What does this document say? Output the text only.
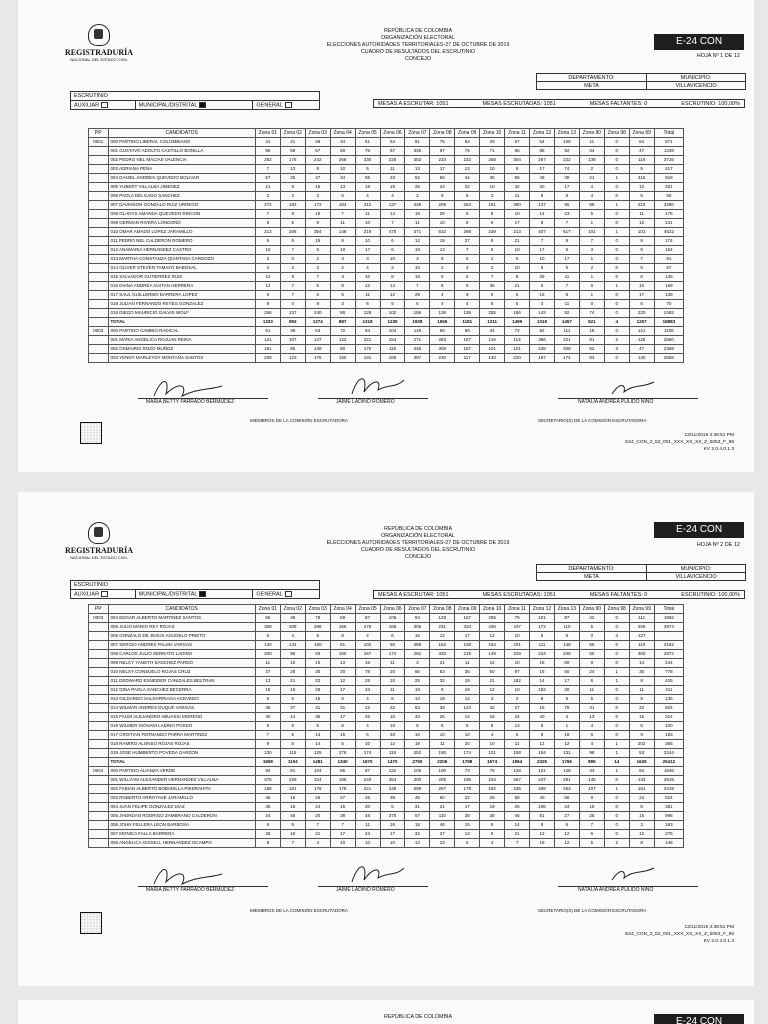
REGISTRADURÍA
NACIONAL DEL ESTADO CIVIL
REPÚBLICA DE COLOMBIA
ORGANIZACIÓN ELECTORAL
ELECCIONES AUTORIDADES TERRITORIALES-27 DE OCTUBRE DE 2019
CUADRO DE RESULTADOS DEL ESCRUTINIO
CONCEJO
E-24 CON
HOJA Nº 1 DE 12
DEPARTAMENTO:	MUNICIPIO:
META	VILLAVICENCIO
ESCRUTINIO
AUXILIAR	MUNICIPAL/DISTRITAL	GENERAL	MESAS A ESCRUTAR: 1051	MESAS ESCRUTADAS: 1051	MESAS FALTANTES: 0	ESCRUTINIO: 100,00%
PP	CANDIDATOS	Zona 01	Zona 02	Zona 03	Zona 04	Zona 05	Zona 06	Zona 07	Zona 08	Zona 09	Zona 10	Zona 11	Zona 12	Zona 13	Zona 90	Zona 98	Zona 99	Total
0001	000 PARTIDO LIBERAL COLOMBIANO	41	41	48	34	61	64	91	76	52	29	67	54	108	11	0	64	871
	001 GUSTAVO ADOLFO CASTILLO BONILLA	96	69	67	60	76	67	335	87	76	71	85	88	92	34	0	47	1348
	002 PEDRO NEL MACIAS VALENCIA	282	176	242	266	330	226	353	233	232	268	304	267	222	138	0	116	3716
	003 ADRIANA PEÑA	7	13	9	10	5	11	13	17	13	10	8	17	74	2	0	5	217
	004 DANIEL ANDRES QUEVEDO BOLIVAR	57	25	47	34	65	23	52	56	44	35	55	48	39	21	1	315	918
	005 YUBERT VILLALBA JIMENEZ	21	9	16	13	18	15	26	24	22	10	32	20	17	4	0	12	261
	006 PAOLA DELGADO SANCHEZ	2	3	3	5	4	4	2	9	6	3	11	8	9	4	0	6	80
	007 DAVINSON GONZALO RUIZ URREGO	272	182	172	184	312	137	336	209	263	161	390	137	95	99	1	223	3280
	008 GLADYS AMANDA QUEVEDO RINCON	7	8	10	7	11	14	19	20	9	8	10	14	23	5	0	11	176
	009 GERMAN RIVERA LONDOÑO	5	5	9	11	10	7	11	10	8	9	17	9	7	1	0	12	131
	010 OMAR AMADO LOPEZ JARAMILLO	213	206	354	148	219	475	371	532	288	239	213	407	617	101	1	101	4522
	011 PEDRO NEL CALDERON ROMERO	6	8	19	8	10	6	12	19	27	9	21	7	8	7	0	8	174
	012 ANAMARIA HERNANDEZ CASTRO	10	7	5	10	17	6	19	13	7	6	10	17	5	3	0	9	154
	013 MARTHA CONSTANZA QUINTANA CARDOZO	3	0	2	3	3	10	3	9	6	2	6	10	17	1	0	7	81
	014 OLIVER STEVEN TAMAYO BABOSAL	4	2	3	2	4	2	10	2	4	2	10	6	5	2	0	9	67
	015 SALVADOR GUTIERREZ RUIZ	12	8	7	3	10	6	19	6	6	7	8	29	11	1	0	6	135
	016 DIANA ANDREA GAITAN HERRERA	12	7	6	9	12	14	7	8	8	35	21	6	7	6	1	10	169
	017 SAUL GUILLERMO BARRERA LOPEZ	6	7	6	5	11	12	29	4	9	6	6	15	8	1	0	17	139
	018 JULIAN FERNANDO REYES GONZALEZ	9	4	8	3	6	5	6	4	4	5	5	3	11	0	0	6	70
	019 DIEGO MAURICIO GALVIS WOLF	266	137	240	88	128	102	156	136	136	255	186	143	92	74	0	220	2492
	TOTAL	1333	893	1274	887	1318	1235	1928	1556	1181	1211	1499	1319	1457	521	4	1257	18883
0003	000 PARTIDO CAMBIO RADICAL	61	36	53	72	64	104	119	66	66	44	72	82	111	18	0	121	1106
	001 MARIA ANGELICA ROJUAN REINA	121	107	137	122	221	154	271	283	187	119	113	366	221	91	2	125	2660
	002 OSMAIRIS ROZO MUÑOZ	181	85	149	80	170	119	345	308	167	101	101	236	208	62	3	47	2368
	003 YENNY MARLEYDY MONTAÑA SANTOS	208	123	176	150	191	169	397	230	117	140	220	197	174	83	0	130	2606
MARIA BETTY PARRADO BERMUDEZ	JAIME LADINO ROMERO	NATALIA ANDREA PULIDO NIÑO
MIEMBROS DE LA COMISIÓN ESCRUTADORA	SECRETARIO(S) DE LA COMISIÓN ESCRUTADORA
13/11/2019 4:38:51 PM
E24_CON_2_52_001_XXX_XX_XX_Z_5053_F_96
KV 2.0.4.0.1.3
REGISTRADURÍA
NACIONAL DEL ESTADO CIVIL
REPÚBLICA DE COLOMBIA
ORGANIZACIÓN ELECTORAL
ELECCIONES AUTORIDADES TERRITORIALES-27 DE OCTUBRE DE 2019
CUADRO DE RESULTADOS DEL ESCRUTINIO
CONCEJO
E-24 CON
HOJA Nº 2 DE 12
DEPARTAMENTO:	MUNICIPIO:
META	VILLAVICENCIO
ESCRUTINIO
AUXILIAR	MUNICIPAL/DISTRITAL	GENERAL	MESAS A ESCRUTAR: 1051	MESAS ESCRUTADAS: 1051	MESAS FALTANTES: 0	ESCRUTINIO: 100,00%
PP	CANDIDATOS	Zona 01	Zona 02	Zona 03	Zona 04	Zona 05	Zona 06	Zona 07	Zona 08	Zona 09	Zona 10	Zona 11	Zona 12	Zona 13	Zona 90	Zona 98	Zona 99	Total
0003	004 EDGAR ALBERTO MARTINEZ SANTOS	56	48	79	59	87	105	94	129	167	255	75	101	87	42	0	111	1592
	005 JULIO MARIO REY ROJAS	308	208	288	156	278	166	305	231	334	436	437	172	110	5	0	256	3974
	006 GONZALO DE JESUS AGUDELO PRIETO	6	4	8	8	2	6	16	12	17	13	10	5	6	0	4	127	
	007 SERGIO ANDRES PALMA VARGAS	140	144	160	81	102	90	388	162	108	154	201	111	148	66	0	110	2162
	008 CARLOS JULIO SERRATO LADINO	200	95	93	160	167	174	282	332	219	149	229	224	248	50	0	350	2972
	009 NELCY YANETH SANCHEZ PARDO	11	10	10	13	16	11	3	21	11	12	10	18	69	9	0	14	244
	010 NELSY CONSUELO ROJAS CRUZ	47	28	30	20	78	20	66	83	35	50	97	18	60	24	1	30	778
	011 GEDWARD ESNEIDER CANIZALES BELTRAN	13	21	22	12	25	10	25	32	19	21	182	14	17	6	1	8	425
	012 GINA PAOLA SANCHEZ BECERRA	15	15	26	17	34	11	19	9	18	12	10	182	20	11	0	11	411
	013 GILDARDO SALDARRIAGA ACEVEDO	6	6	15	6	4	6	14	19	14	3	2	9	5	5	0	9	135
	014 WILMAR ANDRES DUQUE VARGAS	36	37	31	31	22	32	63	39	123	32	27	15	79	31	0	22	604
	015 FAUSI ALEJANDRO ABUASSI MORENO	30	14	35	17	26	10	33	26	14	15	24	40	4	13	0	15	314
	016 WILMER GIOVANI LADINO POSSO	6	6	6	6	4	10	5	5	5	5	13	8	1	4	0	6	100
	017 CRISTIAN FERNANDO PARRA MARTINEZ	7	5	13	15	6	33	10	10	10	4	6	9	18	6	0	9	183
	018 RAMIRO ALONSO ROJAS ROJAS	9	5	14	6	10	12	19	11	20	10	11	12	12	4	1	202	365
	019 JOSE HUMBERTO POVEDA GARZON	130	115	125	276	174	119	252	190	174	101	158	184	131	98	1	53	2244
	TOTAL	1658	1104	1481	1340	1670	1470	2750	2206	1798	1574	1964	2325	1766	895	14	1626	25412
0004	000 PARTIDO ALIANZA VERDE	94	91	104	85	87	122	106	100	73	75	128	121	128	33	1	94	1546
	001 WILLYAM ALEXANDER HERNANDEZ VILLALBA	375	229	324	186	240	364	300	205	196	234	467	247	291	145	0	133	3919
	002 FABIAN ALBERTO BOBADILLA PIEDRAHITA	188	161	176	175	221	248	599	267	179	182	235	268	253	107	1	151	3419
	003 ROBERTO ARROYAVE JARAMILLO	45	16	26	27	26	38	45	60	22	25	56	40	68	9	0	24	524
	004 JUAN FELIPE GONZALEZ DIAZ	35	16	24	15	20	5	31	21	17	19	25	106	24	15	0	5	381
	005 JHORDAN RODRIGO ZAMBRANO CALDERON	34	45	20	38	48	375	57	110	38	38	45	51	27	25	0	15	996
	006 JOHN FELLERA LEON BARBOSA	6	5	7	7	11	16	18	46	15	9	14	9	6	7	0	3	183
	007 MONICA FALLA BARRERA	25	16	21	17	24	17	32	27	13	9	21	12	12	6	0	12	276
	008 ANGELICA GISSELL HERNANDEZ OCAMPO	9	7	4	10	10	10	13	23	6	4	7	19	12	5	2	8	148
MARIA BETTY PARRADO BERMUDEZ	JAIME LADINO ROMERO	NATALIA ANDREA PULIDO NIÑO
MIEMBROS DE LA COMISIÓN ESCRUTADORA	SECRETARIO(S) DE LA COMISIÓN ESCRUTADORA
13/11/2019 4:38:51 PM
E24_CON_2_52_001_XXX_XX_XX_Z_5053_F_96
KV 2.0.4.0.1.3
REPÚBLICA DE COLOMBIA	E-24 CON
